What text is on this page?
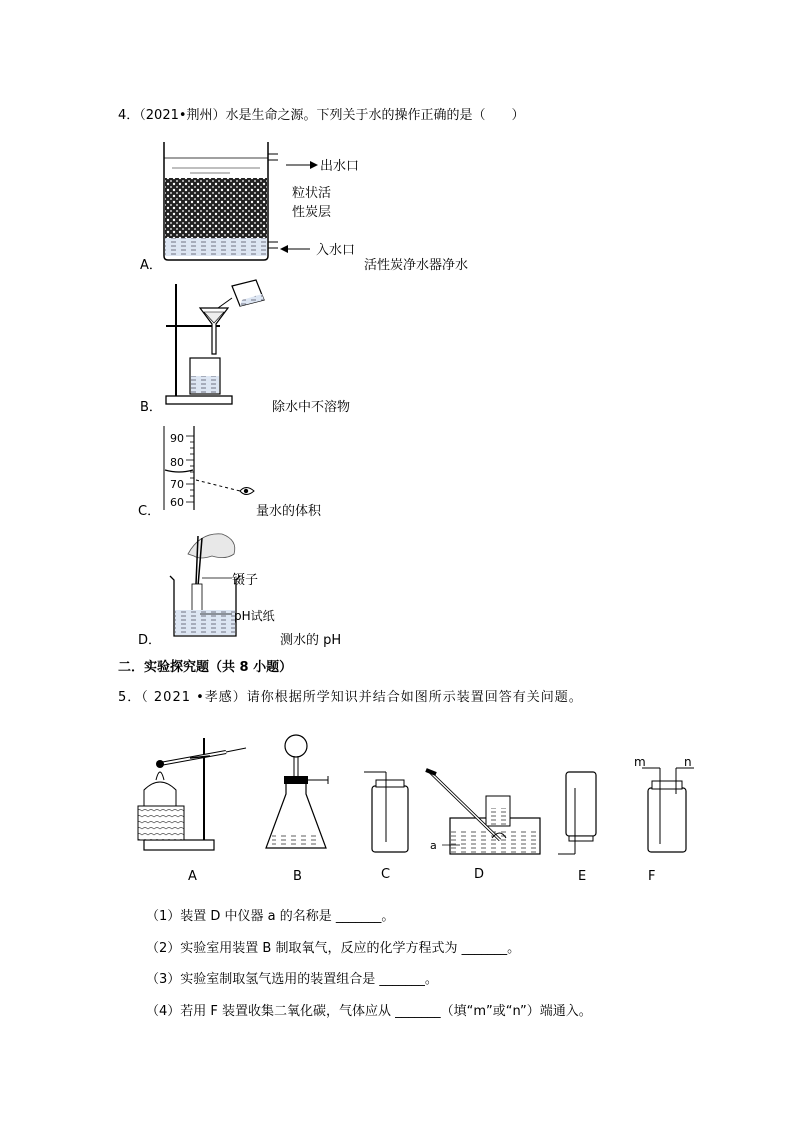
4．（2021•荆州）水是生命之源。下列关于水的操作正确的是（　　）
出水口
粒状活
性炭层
入水口
A．	活性炭净水器净水
B．	除水中不溶物
90
80
70
60
C．	量水的体积
镊子
pH试纸
D．	测水的 pH
二．实验探究题（共 8 小题）
5．（ 2021 •孝感）请你根据所学知识并结合如图所示装置回答有关问题。
a
m	n
A	B	C	D	E	F
（1）装置 D 中仪器 a 的名称是 _______。
（2）实验室用装置 B 制取氧气，反应的化学方程式为 _______。
（3）实验室制取氢气选用的装置组合是 _______。
（4）若用 F 装置收集二氧化碳，气体应从 _______（填“m”或“n”）端通入。
